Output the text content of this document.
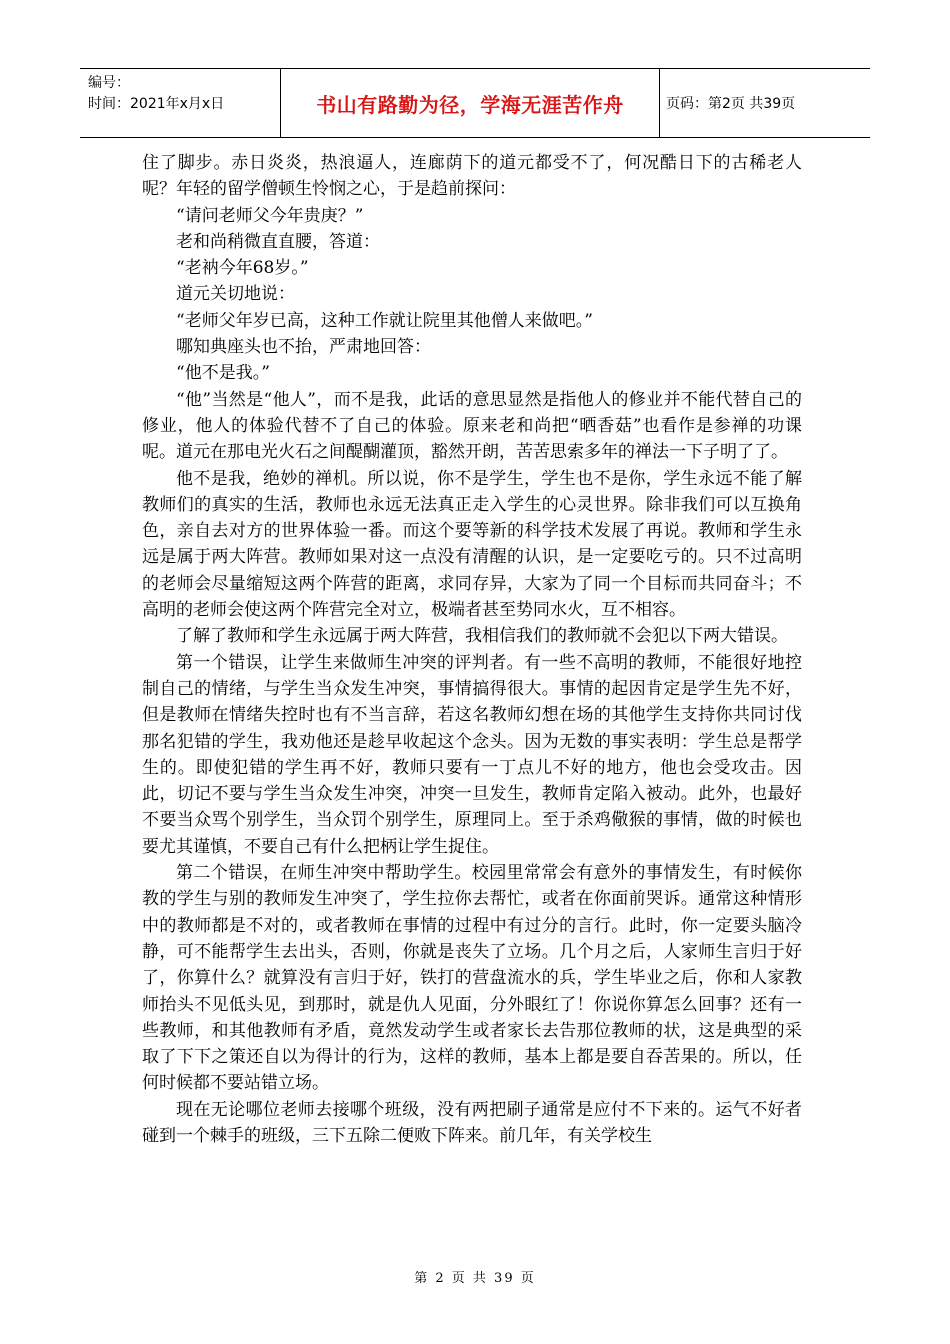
编号：
时间：2021年x月x日	书山有路勤为径，学海无涯苦作舟	页码：第2页 共39页

住了脚步。赤日炎炎，热浪逼人，连廊荫下的道元都受不了，何况酷日下的古稀老人呢？年轻的留学僧顿生怜悯之心，于是趋前探问：

“请问老师父今年贵庚？”

老和尚稍微直直腰，答道：

“老衲今年68岁。”

道元关切地说：

“老师父年岁已高，这种工作就让院里其他僧人来做吧。”

哪知典座头也不抬，严肃地回答：

“他不是我。”

“他”当然是“他人”，而不是我，此话的意思显然是指他人的修业并不能代替自己的修业，他人的体验代替不了自己的体验。原来老和尚把“晒香菇”也看作是参禅的功课呢。道元在那电光火石之间醍醐灌顶，豁然开朗，苦苦思索多年的禅法一下子明了了。

他不是我，绝妙的禅机。所以说，你不是学生，学生也不是你，学生永远不能了解教师们的真实的生活，教师也永远无法真正走入学生的心灵世界。除非我们可以互换角色，亲自去对方的世界体验一番。而这个要等新的科学技术发展了再说。教师和学生永远是属于两大阵营。教师如果对这一点没有清醒的认识，是一定要吃亏的。只不过高明的老师会尽量缩短这两个阵营的距离，求同存异，大家为了同一个目标而共同奋斗；不高明的老师会使这两个阵营完全对立，极端者甚至势同水火，互不相容。

了解了教师和学生永远属于两大阵营，我相信我们的教师就不会犯以下两大错误。

第一个错误，让学生来做师生冲突的评判者。有一些不高明的教师，不能很好地控制自己的情绪，与学生当众发生冲突，事情搞得很大。事情的起因肯定是学生先不好，但是教师在情绪失控时也有不当言辞，若这名教师幻想在场的其他学生支持你共同讨伐那名犯错的学生，我劝他还是趁早收起这个念头。因为无数的事实表明：学生总是帮学生的。即使犯错的学生再不好，教师只要有一丁点儿不好的地方，他也会受攻击。因此，切记不要与学生当众发生冲突，冲突一旦发生，教师肯定陷入被动。此外，也最好不要当众骂个别学生，当众罚个别学生，原理同上。至于杀鸡儆猴的事情，做的时候也要尤其谨慎，不要自己有什么把柄让学生捉住。

第二个错误，在师生冲突中帮助学生。校园里常常会有意外的事情发生，有时候你教的学生与别的教师发生冲突了，学生拉你去帮忙，或者在你面前哭诉。通常这种情形中的教师都是不对的，或者教师在事情的过程中有过分的言行。此时，你一定要头脑冷静，可不能帮学生去出头，否则，你就是丧失了立场。几个月之后，人家师生言归于好了，你算什么？就算没有言归于好，铁打的营盘流水的兵，学生毕业之后，你和人家教师抬头不见低头见，到那时，就是仇人见面，分外眼红了！你说你算怎么回事？还有一些教师，和其他教师有矛盾，竟然发动学生或者家长去告那位教师的状，这是典型的采取了下下之策还自以为得计的行为，这样的教师，基本上都是要自吞苦果的。所以，任何时候都不要站错立场。

现在无论哪位老师去接哪个班级，没有两把刷子通常是应付不下来的。运气不好者碰到一个棘手的班级，三下五除二便败下阵来。前几年，有关学校生

第 2 页 共 39 页
